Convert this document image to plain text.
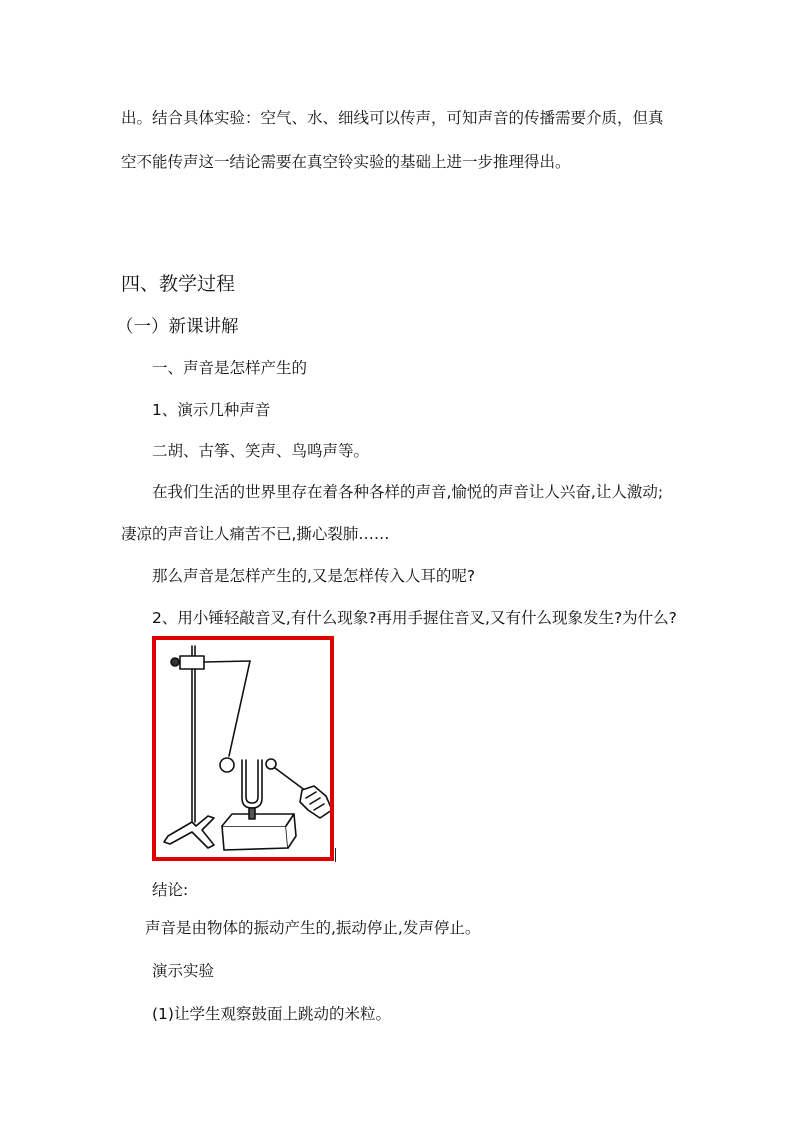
出。结合具体实验：空气、水、细线可以传声，可知声音的传播需要介质，但真
空不能传声这一结论需要在真空铃实验的基础上进一步推理得出。
四、教学过程
（一）新课讲解
一、声音是怎样产生的
1、演示几种声音
二胡、古筝、笑声、鸟鸣声等。
在我们生活的世界里存在着各种各样的声音,愉悦的声音让人兴奋,让人激动;
凄凉的声音让人痛苦不已,撕心裂肺……
那么声音是怎样产生的,又是怎样传入人耳的呢?
2、用小锤轻敲音叉,有什么现象?再用手握住音叉,又有什么现象发生?为什么?
结论:
声音是由物体的振动产生的,振动停止,发声停止。
演示实验
(1)让学生观察鼓面上跳动的米粒。
